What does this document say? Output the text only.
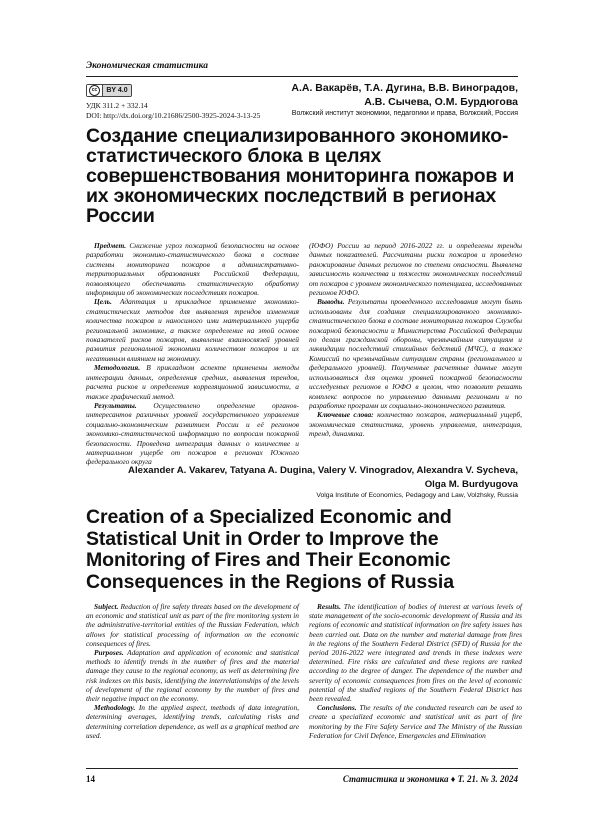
Экономическая статистика
cc	BY 4.0
УДК 311.2 + 332.14
DOI: http://dx.doi.org/10.21686/2500-3925-2024-3-13-25
А.А. Вакарёв, Т.А. Дугина, В.В. Виноградов,
А.В. Сычева, О.М. Бурдюгова
Волжский институт экономики, педагогики и права, Волжский, Россия
Создание специализированного экономико-статистического блока в целях совершенствования мониторинга пожаров и их экономических последствий в регионах России

Предмет. Снижение угроз пожарной безопасности на основе разработки экономико-статистического блока в составе системы мониторинга пожаров в административно-территориальных образованиях Российской Федерации, позволяющего обеспечивать статистическую обработку информации об экономических последствиях пожаров.

Цель. Адаптация и прикладное применение экономико-статистических методов для выявления трендов изменения количества пожаров и наносимого ими материального ущерба региональной экономике, а также определение на этой основе показателей рисков пожаров, выявление взаимосвязей уровней развития региональной экономики количеством пожаров и их негативным влиянием на экономику.

Методология. В прикладном аспекте применены методы интеграции данных, определения средних, выявления трендов, расчета рисков и определения корреляционной зависимости, а также графический метод.

Результаты. Осуществлено определение органов-интересантов различных уровней государственного управления социально-экономическим развитием России и её регионов экономико-статистической информацию по вопросам пожарной безопасности. Проведена интеграция данных о количестве и материальном ущербе от пожаров в регионах Южного федерального округа

(ЮФО) России за период 2016-2022 гг. и определены тренды данных показателей. Рассчитаны риски пожаров и проведено ранжирование данных регионов по степени опасности. Выявлена зависимость количества и тяжести экономических последствий от пожаров с уровнем экономического потенциала, исследованных регионов ЮФО.

Выводы. Результаты проведенного исследования могут быть использованы для создания специализированного экономико-статистического блока в составе мониторинга пожаров Службы пожарной безопасности и Министерства Российской Федерации по делам гражданской обороны, чрезвычайным ситуациям и ликвидации последствий стихийных бедствий (МЧС), а также Комиссий по чрезвычайным ситуациям страны (регионального и федерального уровней). Полученные расчетные данные могут использоваться для оценки уровней пожарной безопасности исследуемых регионов в ЮФО в целом, что позволит решать комплекс вопросов по управлению данными регионами и по разработке программ их социально-экономического развития.

Ключевые слова: количество пожаров, материальный ущерб, экономическая статистика, уровень управления, интеграция, тренд, динамика.

Alexander A. Vakarev, Tatyana A. Dugina, Valery V. Vinogradov, Alexandra V. Sycheva,
Olga M. Burdyugova
Volga Institute of Economics, Pedagogy and Law, Volzhsky, Russia
Creation of a Specialized Economic and Statistical Unit in Order to Improve the Monitoring of Fires and Their Economic Consequences in the Regions of Russia

Subject. Reduction of fire safety threats based on the development of an economic and statistical unit as part of the fire monitoring system in the administrative-territorial entities of the Russian Federation, which allows for statistical processing of information on the economic consequences of fires.

Purposes. Adaptation and application of economic and statistical methods to identify trends in the number of fires and the material damage they cause to the regional economy, as well as determining fire risk indexes on this basis, identifying the interrelationships of the levels of development of the regional economy by the number of fires and their negative impact on the economy.

Methodology. In the applied aspect, methods of data integration, determining averages, identifying trends, calculating risks and determining correlation dependence, as well as a graphical method are used.

Results. The identification of bodies of interest at various levels of state management of the socio-economic development of Russia and its regions of economic and statistical information on fire safety issues has been carried out. Data on the number and material damage from fires in the regions of the Southern Federal District (SFD) of Russia for the period 2016-2022 were integrated and trends in these indexes were determined. Fire risks are calculated and these regions are ranked according to the degree of danger. The dependence of the number and severity of economic consequences from fires on the level of economic potential of the studied regions of the Southern Federal District has been revealed.

Conclusions. The results of the conducted research can be used to create a specialized economic and statistical unit as part of fire monitoring by the Fire Safety Service and The Ministry of the Russian Federation for Civil Defence, Emergencies and Elimination

14	Статистика и экономика ♦ Т. 21. № 3. 2024
